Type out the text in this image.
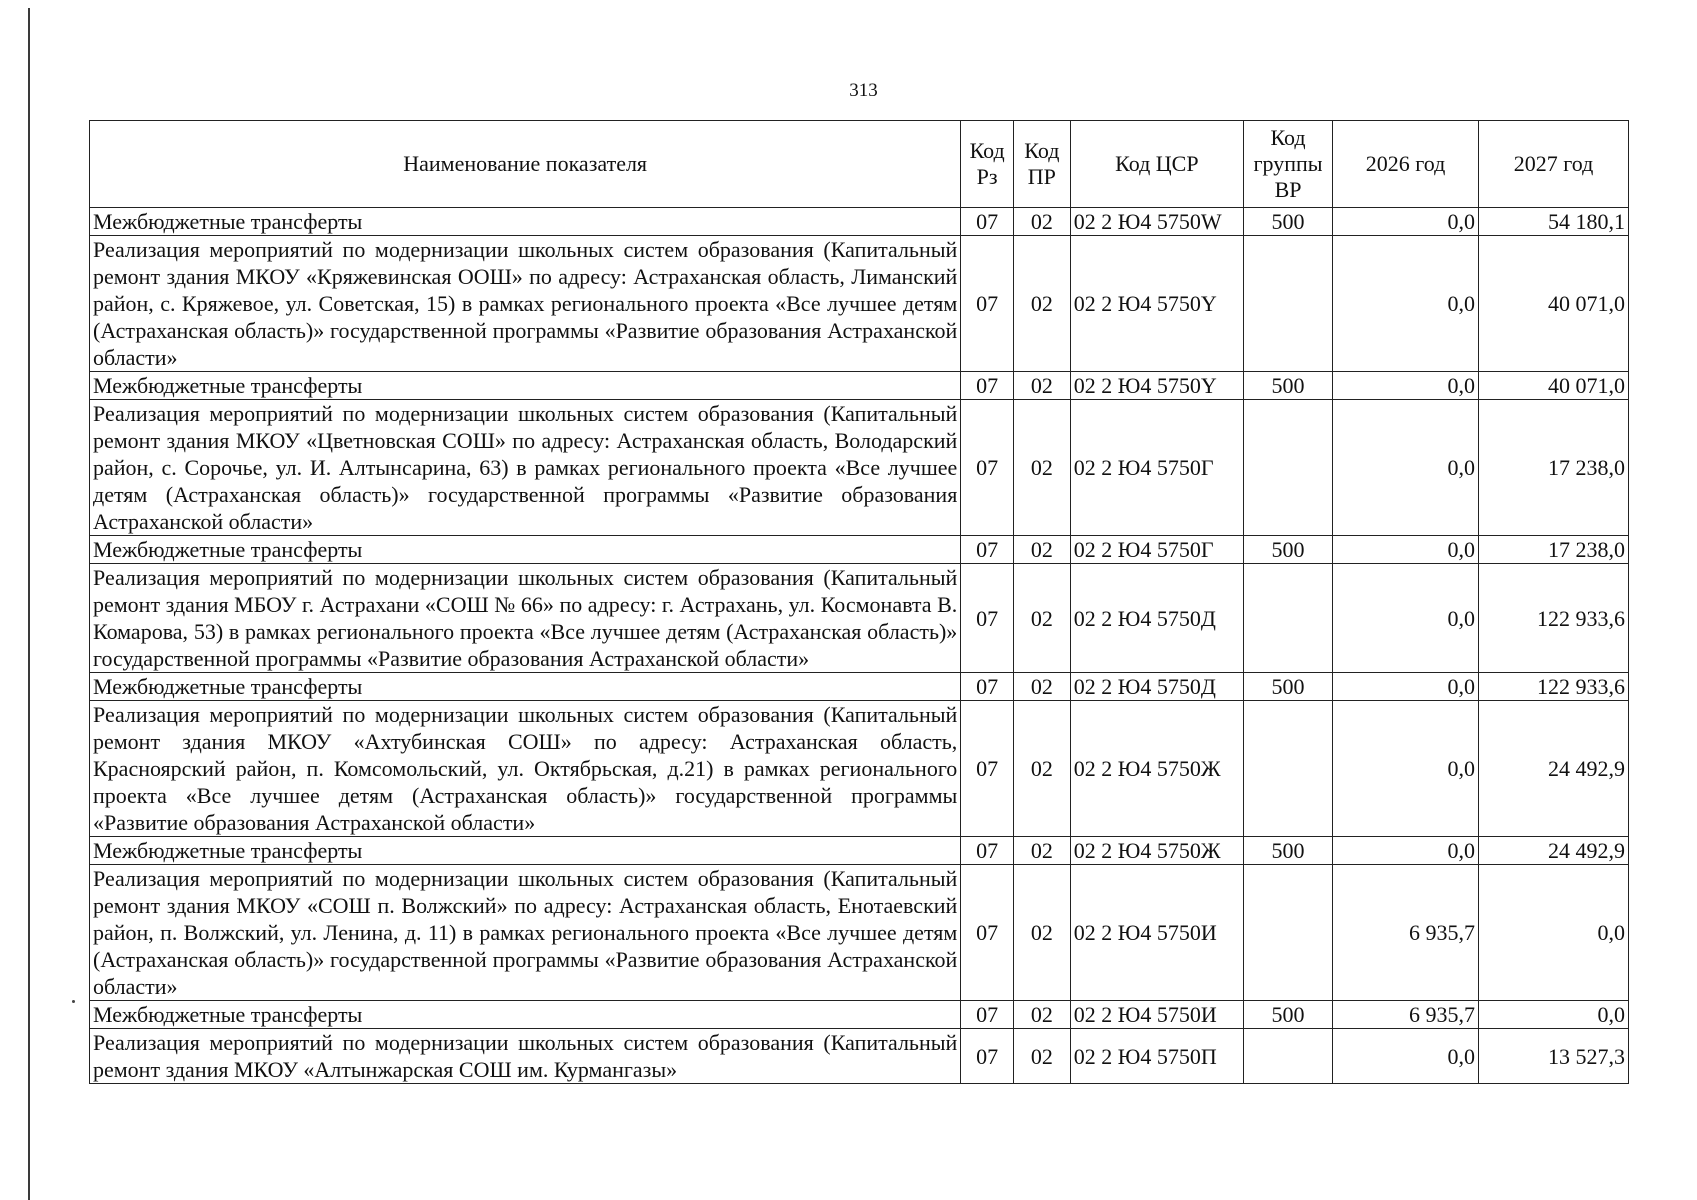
313
Наименование показателя	Код Рз	Код ПР	Код ЦСР	Код группы ВР	2026 год	2027 год
Межбюджетные трансферты	07	02	02 2 Ю4 5750W	500	0,0	54 180,1
Реализация мероприятий по модернизации школьных систем образования (Капитальный ремонт здания МКОУ «Кряжевинская ООШ» по адресу: Астраханская область, Лиманский район, с. Кряжевое, ул. Советская, 15) в рамках регионального проекта «Все лучшее детям (Астраханская область)» государственной программы «Развитие образования Астраханской области»	07	02	02 2 Ю4 5750Y		0,0	40 071,0
Межбюджетные трансферты	07	02	02 2 Ю4 5750Y	500	0,0	40 071,0
Реализация мероприятий по модернизации школьных систем образования (Капитальный ремонт здания МКОУ «Цветновская СОШ» по адресу: Астраханская область, Володарский район, с. Сорочье, ул. И. Алтынсарина, 63) в рамках регионального проекта «Все лучшее детям (Астраханская область)» государственной программы «Развитие образования Астраханской области»	07	02	02 2 Ю4 5750Г		0,0	17 238,0
Межбюджетные трансферты	07	02	02 2 Ю4 5750Г	500	0,0	17 238,0
Реализация мероприятий по модернизации школьных систем образования (Капитальный ремонт здания МБОУ г. Астрахани «СОШ № 66» по адресу: г. Астрахань, ул. Космонавта В. Комарова, 53) в рамках регионального проекта «Все лучшее детям (Астраханская область)» государственной программы «Развитие образования Астраханской области»	07	02	02 2 Ю4 5750Д		0,0	122 933,6
Межбюджетные трансферты	07	02	02 2 Ю4 5750Д	500	0,0	122 933,6
Реализация мероприятий по модернизации школьных систем образования (Капитальный ремонт здания МКОУ «Ахтубинская СОШ» по адресу: Астраханская область, Красноярский район, п. Комсомольский, ул. Октябрьская, д.21) в рамках регионального проекта «Все лучшее детям (Астраханская область)» государственной программы «Развитие образования Астраханской области»	07	02	02 2 Ю4 5750Ж		0,0	24 492,9
Межбюджетные трансферты	07	02	02 2 Ю4 5750Ж	500	0,0	24 492,9
Реализация мероприятий по модернизации школьных систем образования (Капитальный ремонт здания МКОУ «СОШ п. Волжский» по адресу: Астраханская область, Енотаевский район, п. Волжский, ул. Ленина, д. 11) в рамках регионального проекта «Все лучшее детям (Астраханская область)» государственной программы «Развитие образования Астраханской области»	07	02	02 2 Ю4 5750И		6 935,7	0,0
Межбюджетные трансферты	07	02	02 2 Ю4 5750И	500	6 935,7	0,0
Реализация мероприятий по модернизации школьных систем образования (Капитальный ремонт здания МКОУ «Алтынжарская СОШ им. Курмангазы»	07	02	02 2 Ю4 5750П		0,0	13 527,3
